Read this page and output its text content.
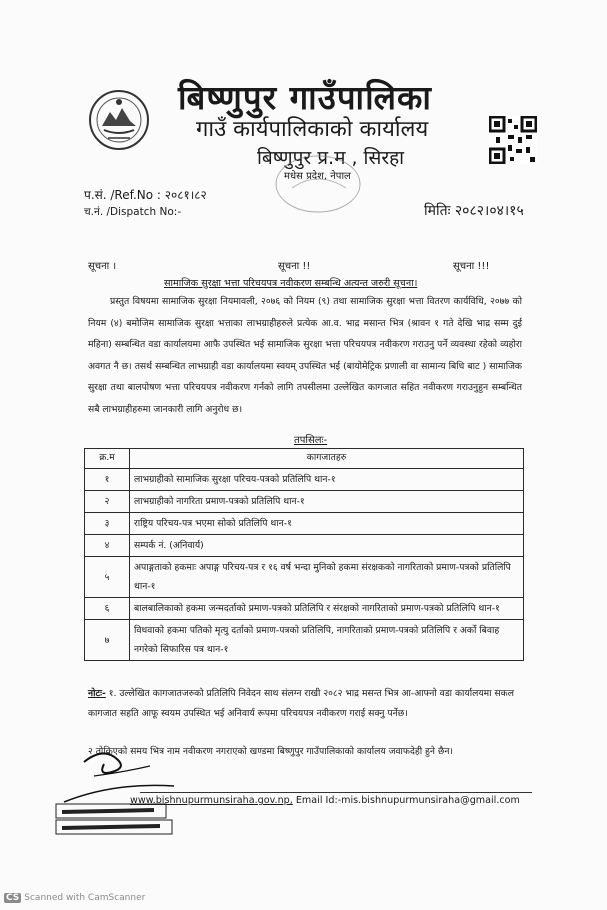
बिष्णुपुर गाउँपालिका
गाउँ कार्यपालिकाको कार्यालय
बिष्णुपुर प्र.म , सिरहा
मधेस प्रदेश, नेपाल
प.सं. /Ref.No : २०८१।८२
च.नं. /Dispatch No:-	मितिः २०८२।०४।१५
सूचना ।	सूचना !!	सूचना !!!
सामाजिक सुरक्षा भत्ता परिचयपत्र नवीकरण सम्बन्धि अत्यन्त जरुरी सूचना।
प्रस्तुत विषयमा सामाजिक सुरक्षा नियमावली, २०७६ को नियम (९) तथा सामाजिक सुरक्षा भत्ता वितरण कार्यविधि, २०७७ को नियम (४) बमोजिम सामाजिक सुरक्षा भत्ताका लाभग्राहीहरुले प्रत्येक आ.व. भाद्र मसान्त भित्र (श्रावन १ गते देखि भाद्र सम्म दुई महिना) सम्बन्धित वडा कार्यालयमा आफै उपस्थित भई सामाजिक सुरक्षा भत्ता परिचयपत्र नवीकरण गराउनु पर्ने व्यवस्था रहेको व्यहोरा अवगत नै छ। तसर्थ सम्बन्धित लाभग्राही वडा कार्यालयमा स्वयम् उपस्थित भई (बायोमेट्रिक प्रणाली वा सामान्य बिधि बाट ) सामाजिक सुरक्षा तथा बालपोषण भत्ता परिचयपत्र नवीकरण गर्नको लागि तपसीलमा उल्लेखित कागजात सहित नवीकरण गराउनुहुन सम्बन्धित सबै लाभग्राहीहरुमा जानकारी लागि अनुरोध छ।
तपसिलः-
क्र.म	कागजातहरु
१	लाभग्राहीको सामाजिक सुरक्षा परिचय-पत्रको प्रतिलिपि थान-१
२	लाभग्राहीको नागरिता प्रमाण-पत्रको प्रतिलिपि थान-१
३	राष्ट्रिय परिचय-पत्र भएमा सोको प्रतिलिपि थान-१
४	सम्पर्क नं. (अनिवार्य)
५	अपाङ्गताको हकमाः अपाङ्ग परिचय-पत्र र १६ वर्ष भन्दा मुनिको हकमा संरक्षकको नागरिताको प्रमाण-पत्रको प्रतिलिपि थान-१
६	बालबालिकाको हकमा जन्मदर्ताको प्रमाण-पत्रको प्रतिलिपि र संरक्षको नागरिताको प्रमाण-पत्रको प्रतिलिपि थान-१
७	विधवाको हकमा पतिको मृत्यु दर्ताको प्रमाण-पत्रको प्रतिलिपि, नागरिताको प्रमाण-पत्रको प्रतिलिपि र अर्को बिवाह नगरेको सिफारिस पत्र थान-१
नोटः- १. उल्लेखित कागजातजरुको प्रतिलिपि निवेदन साथ संलग्न राखी २०८२ भाद्र मसन्त भित्र आ-आफ्नो वडा कार्यालयमा सकल कागजात सहति आफू स्वयम उपस्थित भई अनिवार्य रूपमा परिचयपत्र नवीकरण गराई सक्नु पर्नेछ।
२ तोकिएको समय भित्र नाम नवीकरण नगराएको खण्डमा बिष्णुपुर गाउँपालिकाको कार्यालय जवाफदेही हुने छैन।
www.bishnupurmunsiraha.gov.np, Email Id:-mis.bishnupurmunsiraha@gmail.com
CS Scanned with CamScanner
